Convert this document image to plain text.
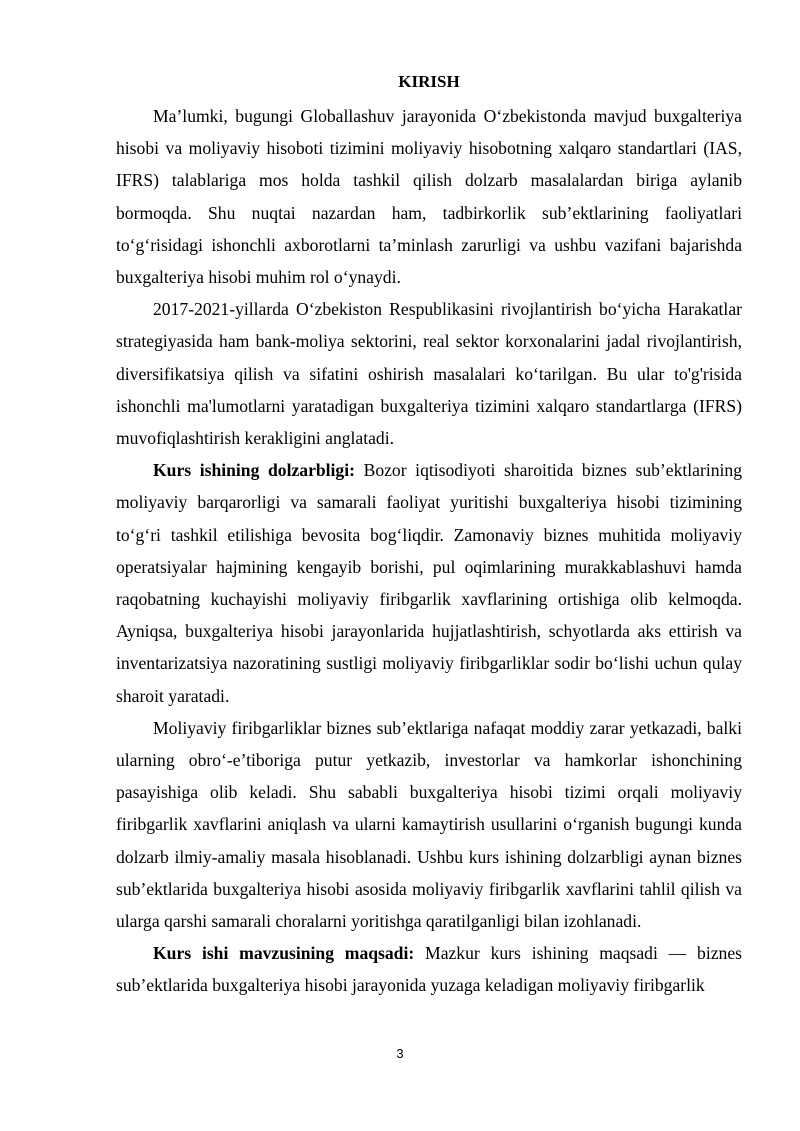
KIRISH

Ma’lumki, bugungi Globallashuv jarayonida O‘zbekistonda mavjud buxgalteriya hisobi va moliyaviy hisoboti tizimini moliyaviy hisobotning xalqaro standartlari (IAS, IFRS) talablariga mos holda tashkil qilish dolzarb masalalardan biriga aylanib bormoqda. Shu nuqtai nazardan ham, tadbirkorlik sub’ektlarining faoliyatlari to‘g‘risidagi ishonchli axborotlarni ta’minlash zarurligi va ushbu vazifani bajarishda buxgalteriya hisobi muhim rol o‘ynaydi.

2017-2021-yillarda O‘zbekiston Respublikasini rivojlantirish bo‘yicha Harakatlar strategiyasida ham bank-moliya sektorini, real sektor korxonalarini jadal rivojlantirish, diversifikatsiya qilish va sifatini oshirish masalalari ko‘tarilgan. Bu ular to'g'risida ishonchli ma'lumotlarni yaratadigan buxgalteriya tizimini xalqaro standartlarga (IFRS) muvofiqlashtirish kerakligini anglatadi.

Kurs ishining dolzarbligi: Bozor iqtisodiyoti sharoitida biznes sub’ektlarining moliyaviy barqarorligi va samarali faoliyat yuritishi buxgalteriya hisobi tizimining to‘g‘ri tashkil etilishiga bevosita bog‘liqdir. Zamonaviy biznes muhitida moliyaviy operatsiyalar hajmining kengayib borishi, pul oqimlarining murakkablashuvi hamda raqobatning kuchayishi moliyaviy firibgarlik xavflarining ortishiga olib kelmoqda. Ayniqsa, buxgalteriya hisobi jarayonlarida hujjatlashtirish, schyotlarda aks ettirish va inventarizatsiya nazoratining sustligi moliyaviy firibgarliklar sodir bo‘lishi uchun qulay sharoit yaratadi.

Moliyaviy firibgarliklar biznes sub’ektlariga nafaqat moddiy zarar yetkazadi, balki ularning obro‘-e’tiboriga putur yetkazib, investorlar va hamkorlar ishonchining pasayishiga olib keladi. Shu sababli buxgalteriya hisobi tizimi orqali moliyaviy firibgarlik xavflarini aniqlash va ularni kamaytirish usullarini o‘rganish bugungi kunda dolzarb ilmiy-amaliy masala hisoblanadi. Ushbu kurs ishining dolzarbligi aynan biznes sub’ektlarida buxgalteriya hisobi asosida moliyaviy firibgarlik xavflarini tahlil qilish va ularga qarshi samarali choralarni yoritishga qaratilganligi bilan izohlanadi.

Kurs ishi mavzusining maqsadi: Mazkur kurs ishining maqsadi — biznes sub’ektlarida buxgalteriya hisobi jarayonida yuzaga keladigan moliyaviy firibgarlik

3
